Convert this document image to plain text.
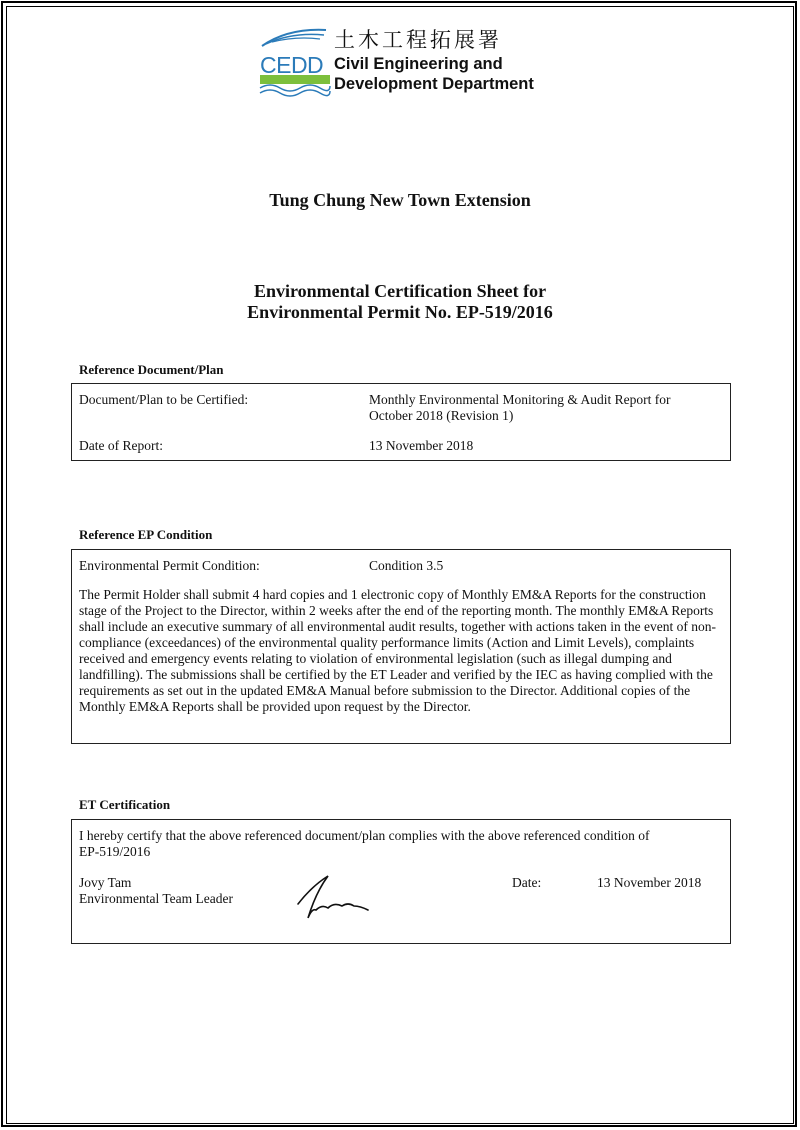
CEDD
土木工程拓展署
Civil Engineering and
Development Department
Tung Chung New Town Extension
Environmental Certification Sheet for
Environmental Permit No. EP-519/2016
Reference Document/Plan
Document/Plan to be Certified:	Monthly Environmental Monitoring & Audit Report for
October 2018 (Revision 1)
Date of Report:	13 November 2018
Reference EP Condition
Environmental Permit Condition:	Condition 3.5
The Permit Holder shall submit 4 hard copies and 1 electronic copy of Monthly EM&A Reports for the construction stage of the Project to the Director, within 2 weeks after the end of the reporting month. The monthly EM&A Reports shall include an executive summary of all environmental audit results, together with actions taken in the event of non-compliance (exceedances) of the environmental quality performance limits (Action and Limit Levels), complaints received and emergency events relating to violation of environmental legislation (such as illegal dumping and landfilling). The submissions shall be certified by the ET Leader and verified by the IEC as having complied with the requirements as set out in the updated EM&A Manual before submission to the Director. Additional copies of the Monthly EM&A Reports shall be provided upon request by the Director.
ET Certification
I hereby certify that the above referenced document/plan complies with the above referenced condition of
EP-519/2016
Jovy Tam
Environmental Team Leader
Date:	13 November 2018
